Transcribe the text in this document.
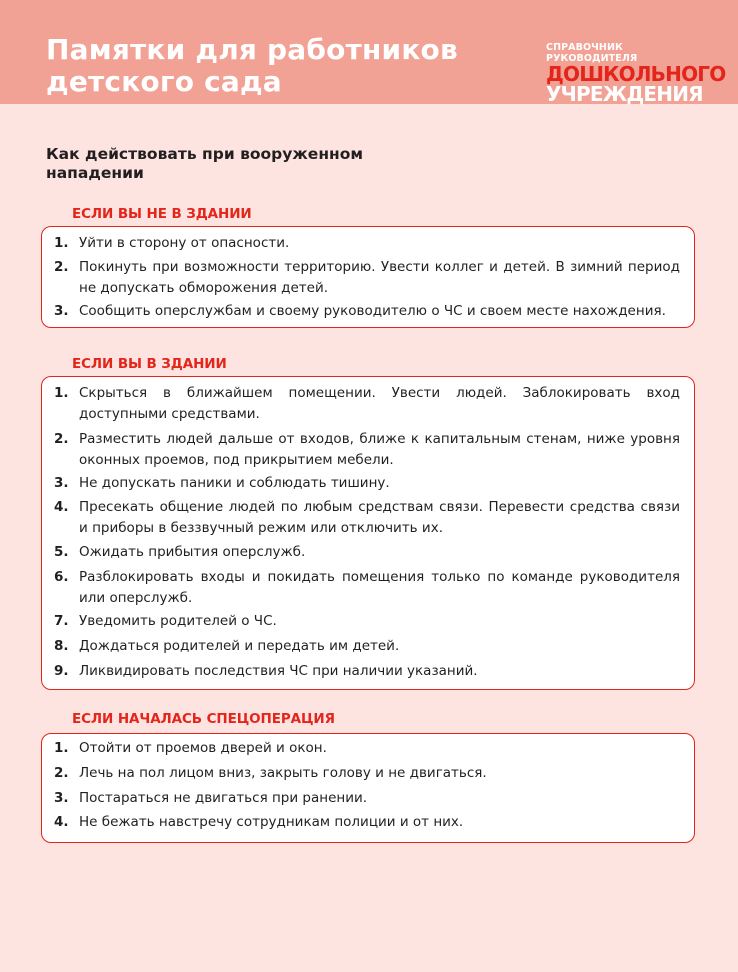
Памятки для работников
детского сада
СПРАВОЧНИК РУКОВОДИТЕЛЯ
ДОШКОЛЬНОГО
УЧРЕЖДЕНИЯ
Как действовать при вооруженном
нападении
ЕСЛИ ВЫ НЕ В ЗДАНИИ
1. Уйти в сторону от опасности.
2. Покинуть при возможности территорию. Увести коллег и детей. В зимний период не допускать обморожения детей.
3. Сообщить оперслужбам и своему руководителю о ЧС и своем месте нахождения.
ЕСЛИ ВЫ В ЗДАНИИ
1. Скрыться в ближайшем помещении. Увести людей. Заблокировать вход доступными средствами.
2. Разместить людей дальше от входов, ближе к капитальным стенам, ниже уровня оконных проемов, под прикрытием мебели.
3. Не допускать паники и соблюдать тишину.
4. Пресекать общение людей по любым средствам связи. Перевести средства связи и приборы в беззвучный режим или отключить их.
5. Ожидать прибытия оперслужб.
6. Разблокировать входы и покидать помещения только по команде руководителя или оперслужб.
7. Уведомить родителей о ЧС.
8. Дождаться родителей и передать им детей.
9. Ликвидировать последствия ЧС при наличии указаний.
ЕСЛИ НАЧАЛАСЬ СПЕЦОПЕРАЦИЯ
1. Отойти от проемов дверей и окон.
2. Лечь на пол лицом вниз, закрыть голову и не двигаться.
3. Постараться не двигаться при ранении.
4. Не бежать навстречу сотрудникам полиции и от них.
